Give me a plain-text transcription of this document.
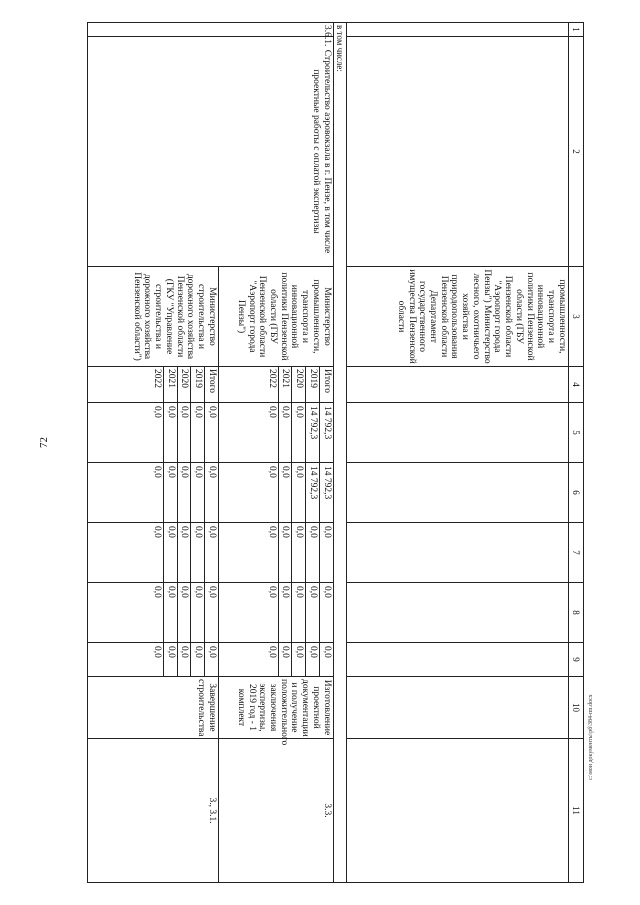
72
c:\мои документы\рб\384-пп.docx
1	2	3	4	5	6	7	8	9	10	11
		промышленности, транспорта и инновационной политики Пензенской области (ГБУ Пензенской области "Аэропорт города Пензы") Министерство лесного, охотничьего хозяйства и природопользования Пензенской области Департамент государственного имущества Пензенской области								
в том числе:										
3.6.1.	Строительство аэровокзала в г. Пензе, в том числе проектные работы с оплатой экспертизы	Министерство промышленности, транспорта и инновационной политики Пензенской области (ГБУ Пензенской области "Аэропорт города Пензы")	Итого	14 792,3	14 792,3	0,0	0,0	0,0	Изготовление проектной документации и получение положительного заключения экспертизы, 2019 год - 1 комплект	3.3.
			2019	14 792,3	14 792,3	0,0	0,0	0,0		
			2020	0,0	0,0	0,0	0,0	0,0		
			2021	0,0	0,0	0,0	0,0	0,0		
			2022	0,0	0,0	0,0	0,0	0,0		
		Министерство строительства и дорожного хозяйства Пензенской области (ГКУ "Управление строительства и дорожного хозяйства Пензенской области")	Итого	0,0	0,0	0,0	0,0	0,0	Завершение строительства	3., 3.1.
			2019	0,0	0,0	0,0	0,0	0,0		
			2020	0,0	0,0	0,0	0,0	0,0		
			2021	0,0	0,0	0,0	0,0	0,0		
			2022	0,0	0,0	0,0	0,0	0,0		
